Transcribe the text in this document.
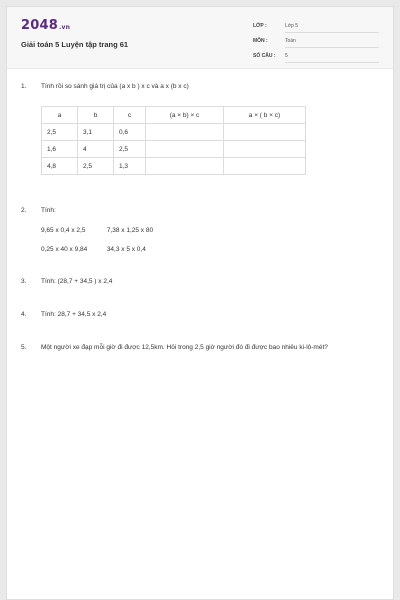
2048.vn
Giải toán 5 Luyện tập trang 61
LỚP :	Lớp 5
MÔN :	Toán
SỐ CÂU : 5
1.	Tính rồi so sánh giá trị của (a x b ) x c và a x (b x c)
a	b	c	(a × b) × c	a × ( b × c)
2,5	3,1	0,6		
1,6	4	2,5		
4,8	2,5	1,3		
2.	Tính:
9,65 x 0,4 x 2,5	7,38 x 1,25 x 80
0,25 x 40 x 9,84	34,3 x 5 x 0,4
3.	Tính: (28,7 + 34,5 ) x 2,4
4.	Tính: 28,7 + 34,5 x 2,4
5.	Một người xe đạp mỗi giờ đi được 12,5km. Hỏi trong 2,5 giờ người đó đi được bao nhiêu ki-lô-mét?
